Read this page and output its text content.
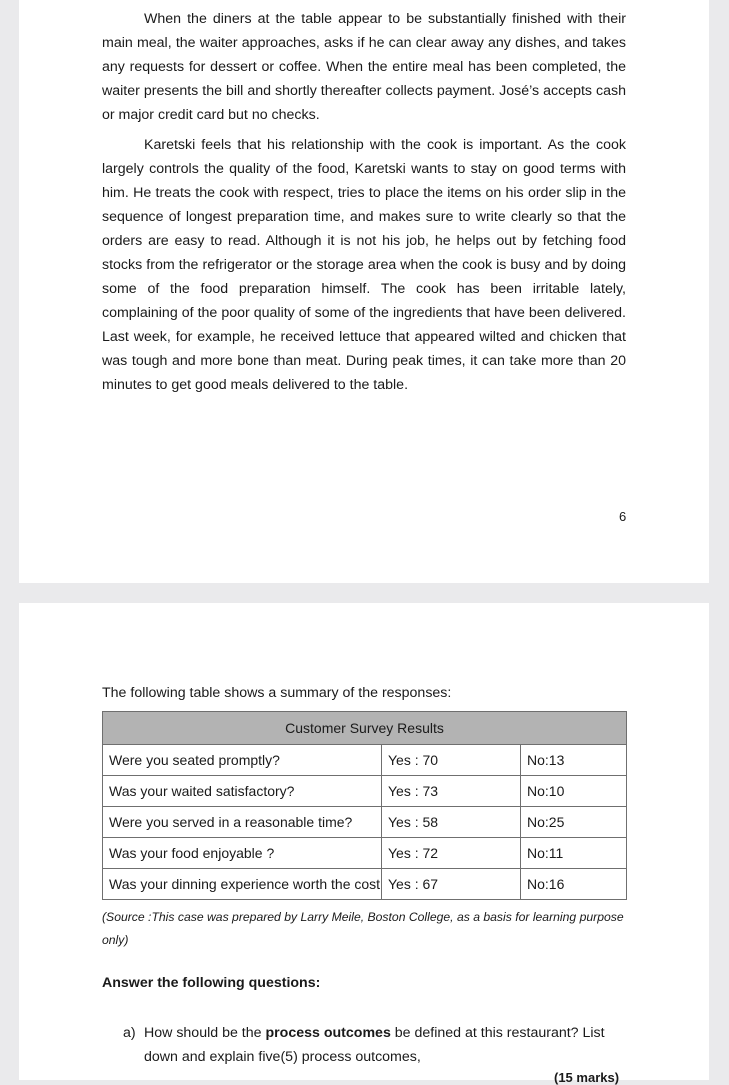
When the diners at the table appear to be substantially finished with their main meal, the waiter approaches, asks if he can clear away any dishes, and takes any requests for dessert or coffee. When the entire meal has been completed, the waiter presents the bill and shortly thereafter collects payment. José’s accepts cash or major credit card but no checks.

Karetski feels that his relationship with the cook is important. As the cook largely controls the quality of the food, Karetski wants to stay on good terms with him. He treats the cook with respect, tries to place the items on his order slip in the sequence of longest preparation time, and makes sure to write clearly so that the orders are easy to read. Although it is not his job, he helps out by fetching food stocks from the refrigerator or the storage area when the cook is busy and by doing some of the food preparation himself. The cook has been irritable lately, complaining of the poor quality of some of the ingredients that have been delivered. Last week, for example, he received lettuce that appeared wilted and chicken that was tough and more bone than meat. During peak times, it can take more than 20 minutes to get good meals delivered to the table.

6

The following table shows a summary of the responses:

Customer Survey Results		
Were you seated promptly?	Yes : 70	No:13
Was your waited satisfactory?	Yes : 73	No:10
Were you served in a reasonable time?	Yes : 58	No:25
Was your food enjoyable ?	Yes : 72	No:11
Was your dinning experience worth the cost	Yes : 67	No:16

(Source :This case was prepared by Larry Meile, Boston College, as a basis for learning purpose only)

Answer the following questions:

a) How should be the process outcomes be defined at this restaurant? List down and explain five(5) process outcomes,

(15 marks)
